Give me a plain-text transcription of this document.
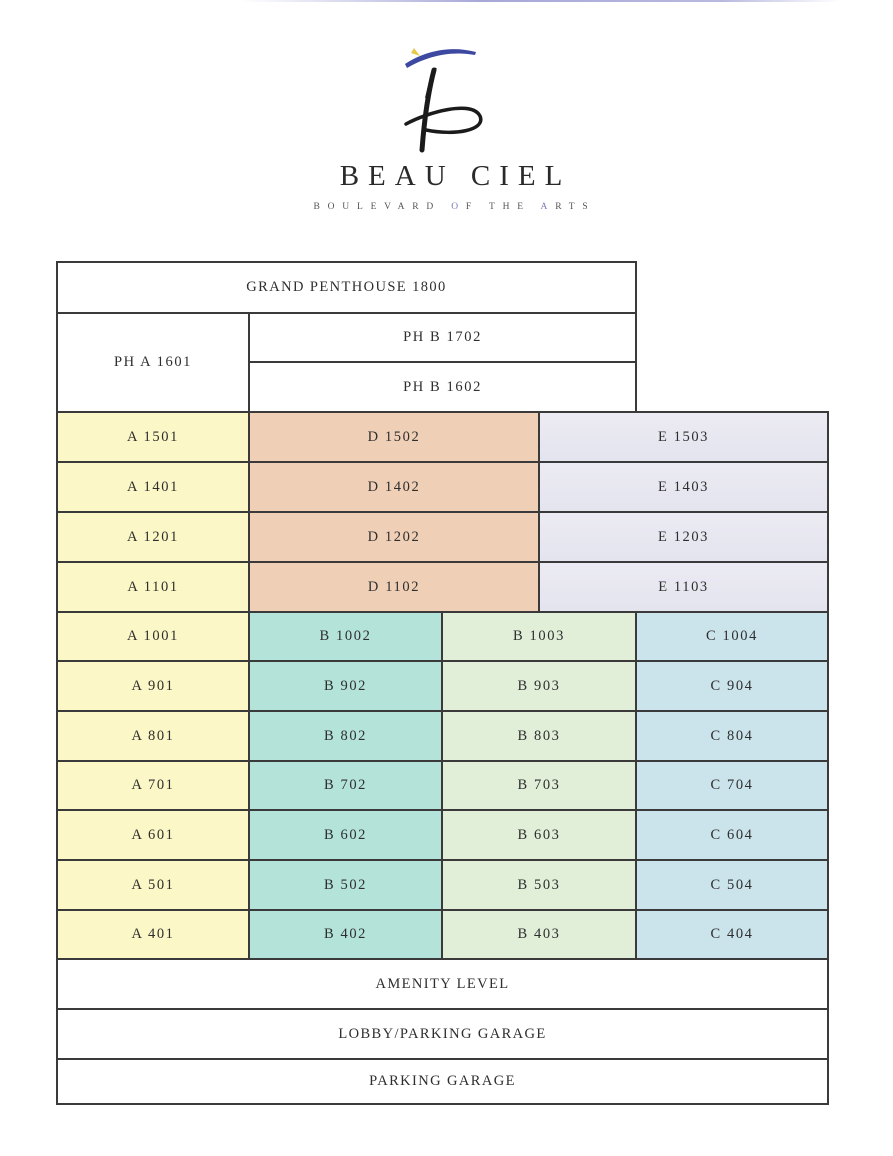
BEAU CIEL
BOULEVARD OF THE ARTS
GRAND PENTHOUSE 1800
PH A 1601
PH B 1702
PH B 1602
A 1501	D 1502	E 1503
A 1401	D 1402	E 1403
A 1201	D 1202	E 1203
A 1101	D 1102	E 1103
A 1001	B 1002	B 1003	C 1004
A 901	B 902	B 903	C 904
A 801	B 802	B 803	C 804
A 701	B 702	B 703	C 704
A 601	B 602	B 603	C 604
A 501	B 502	B 503	C 504
A 401	B 402	B 403	C 404
AMENITY LEVEL
LOBBY/PARKING GARAGE
PARKING GARAGE
